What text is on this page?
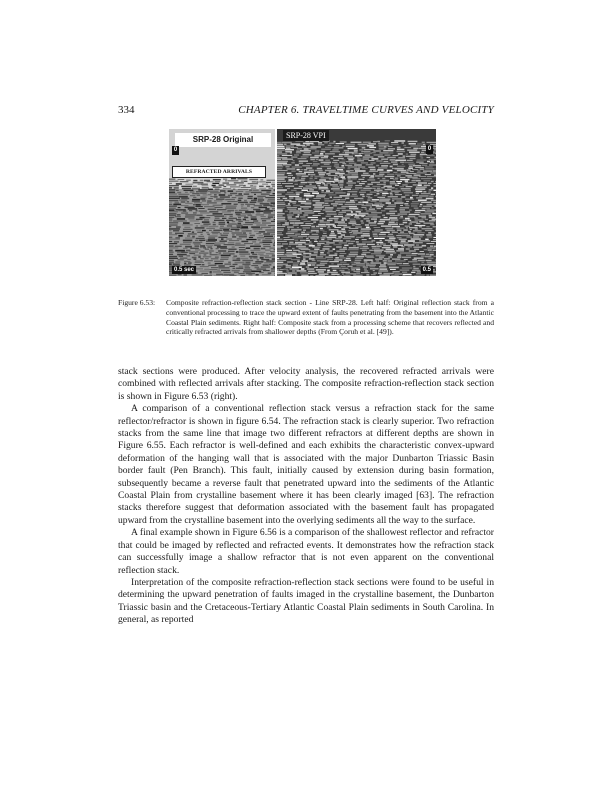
334	CHAPTER 6. TRAVELTIME CURVES AND VELOCITY
SRP-28 Original
0
REFRACTED ARRIVALS
0.5 sec
SRP-28 VPI
0
0.5
Figure 6.53: Composite refraction-reflection stack section - Line SRP-28. Left half: Original reflection stack from a conventional processing to trace the upward extent of faults penetrating from the basement into the Atlantic Coastal Plain sediments. Right half: Composite stack from a processing scheme that recovers reflected and critically refracted arrivals from shallower depths (From Çoruh et al. [49]).

stack sections were produced. After velocity analysis, the recovered refracted arrivals were combined with reflected arrivals after stacking. The composite refraction-reflection stack section is shown in Figure 6.53 (right).

A comparison of a conventional reflection stack versus a refraction stack for the same reflector/refractor is shown in figure 6.54. The refraction stack is clearly superior. Two refraction stacks from the same line that image two different refractors at different depths are shown in Figure 6.55. Each refractor is well-defined and each exhibits the characteristic convex-upward deformation of the hanging wall that is associated with the major Dunbarton Triassic Basin border fault (Pen Branch). This fault, initially caused by extension during basin formation, subsequently became a reverse fault that penetrated upward into the sediments of the Atlantic Coastal Plain from crystalline basement where it has been clearly imaged [63]. The refraction stacks therefore suggest that deformation associated with the basement fault has propagated upward from the crystalline basement into the overlying sediments all the way to the surface.

A final example shown in Figure 6.56 is a comparison of the shallowest reflector and refractor that could be imaged by reflected and refracted events. It demonstrates how the refraction stack can successfully image a shallow refractor that is not even apparent on the conventional reflection stack.

Interpretation of the composite refraction-reflection stack sections were found to be useful in determining the upward penetration of faults imaged in the crystalline basement, the Dunbarton Triassic basin and the Cretaceous-Tertiary Atlantic Coastal Plain sediments in South Carolina. In general, as reported
